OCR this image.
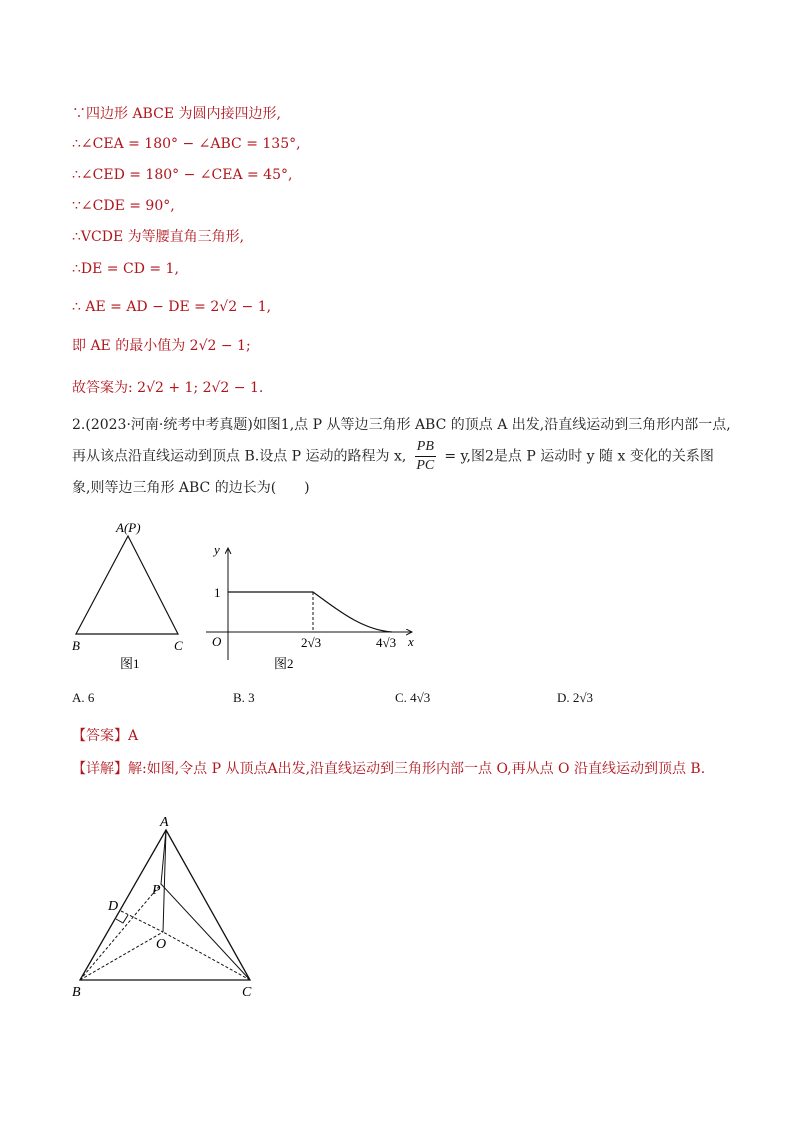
∵四边形 ABCE 为圆内接四边形,
∴∠CEA = 180° − ∠ABC = 135°,
∴∠CED = 180° − ∠CEA = 45°,
∵∠CDE = 90°,
∴VCDE 为等腰直角三角形,
∴DE = CD = 1,
∴ AE = AD − DE = 2√2 − 1,
即 AE 的最小值为 2√2 − 1;
故答案为: 2√2 + 1; 2√2 − 1.
2.(2023·河南·统考中考真题)如图1,点 P 从等边三角形 ABC 的顶点 A 出发,沿直线运动到三角形内部一点,再从该点沿直线运动到顶点 B.设点 P 运动的路程为 x, $\frac{PB}{PC} = y$,图2是点 P 运动时 y 随 x 变化的关系图象,则等边三角形 ABC 的边长为(　　)
A(P)
B	C
图1
y
x
O
1
2√3	4√3
图2
A. 6	B. 3	C. 4√3	D. 2√3
【答案】A
【详解】解:如图,令点 P 从顶点A出发,沿直线运动到三角形内部一点 O,再从点 O 沿直线运动到顶点 B.
A
B	C
D
P
O
